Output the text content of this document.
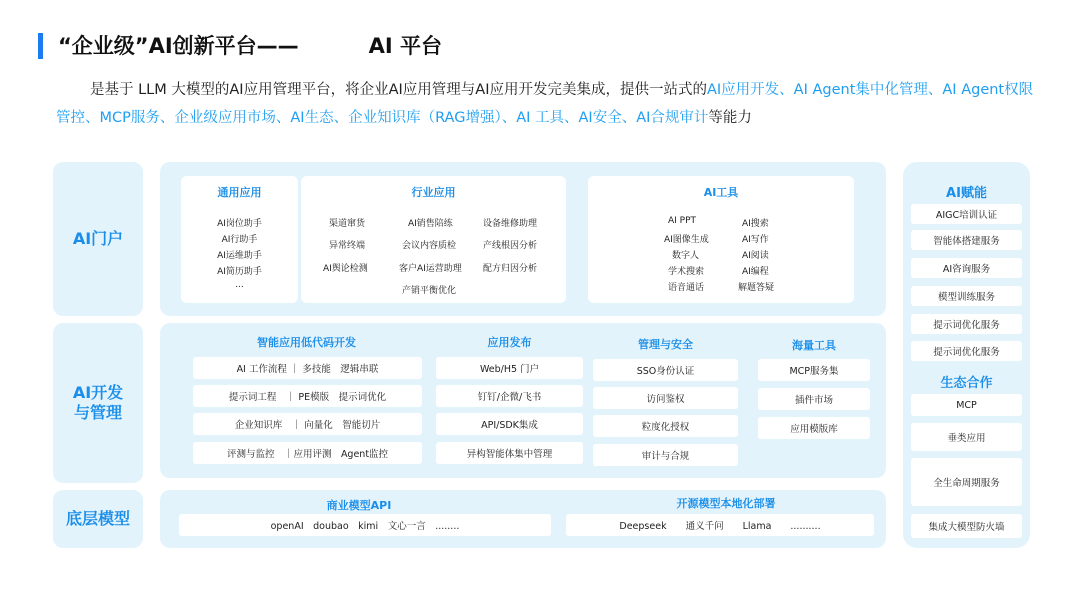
“企业级”AI创新平台——	AI 平台
是基于 LLM 大模型的AI应用管理平台，将企业AI应用管理与AI应用开发完美集成，提供一站式的AI应用开发、AI Agent集中化管理、AI Agent权限管控、MCP服务、企业级应用市场、AI生态、企业知识库（RAG增强）、AI 工具、AI安全、AI合规审计等能力
AI门户
AI开发
与管理
底层模型
通用应用
AI岗位助手
AI行助手
AI运维助手
AI简历助手
...
行业应用
渠道窜货	AI销售陪练	设备维修助理
异常终端	会议内容质检	产线根因分析
AI舆论检测	客户AI运营助理 配方归因分析
产销平衡优化
AI工具
AI PPT	AI搜索
AI图像生成	AI写作
数字人	AI阅读
学术搜索	AI编程
语音通话	解题答疑
智能应用低代码开发
AI 工作流程 ｜ 多技能　逻辑串联
提示词工程　｜ PE模版　提示词优化
企业知识库　｜ 向量化　智能切片
评测与监控　｜应用评测　Agent监控
应用发布
Web/H5 门户
钉钉/企微/飞书
API/SDK集成
异构智能体集中管理
管理与安全
SSO身份认证
访问鉴权
粒度化授权
审计与合规
海量工具
MCP服务集
插件市场
应用模版库
商业模型API
openAI　doubao　kimi　文心一言　........
开源模型本地化部署
Deepseek　　通义千问　　Llama　　..........
AI赋能
AIGC培训认证
智能体搭建服务
AI咨询服务
模型训练服务
提示词优化服务
提示词优化服务
生态合作
MCP
垂类应用
全生命周期服务
集成大模型防火墙
